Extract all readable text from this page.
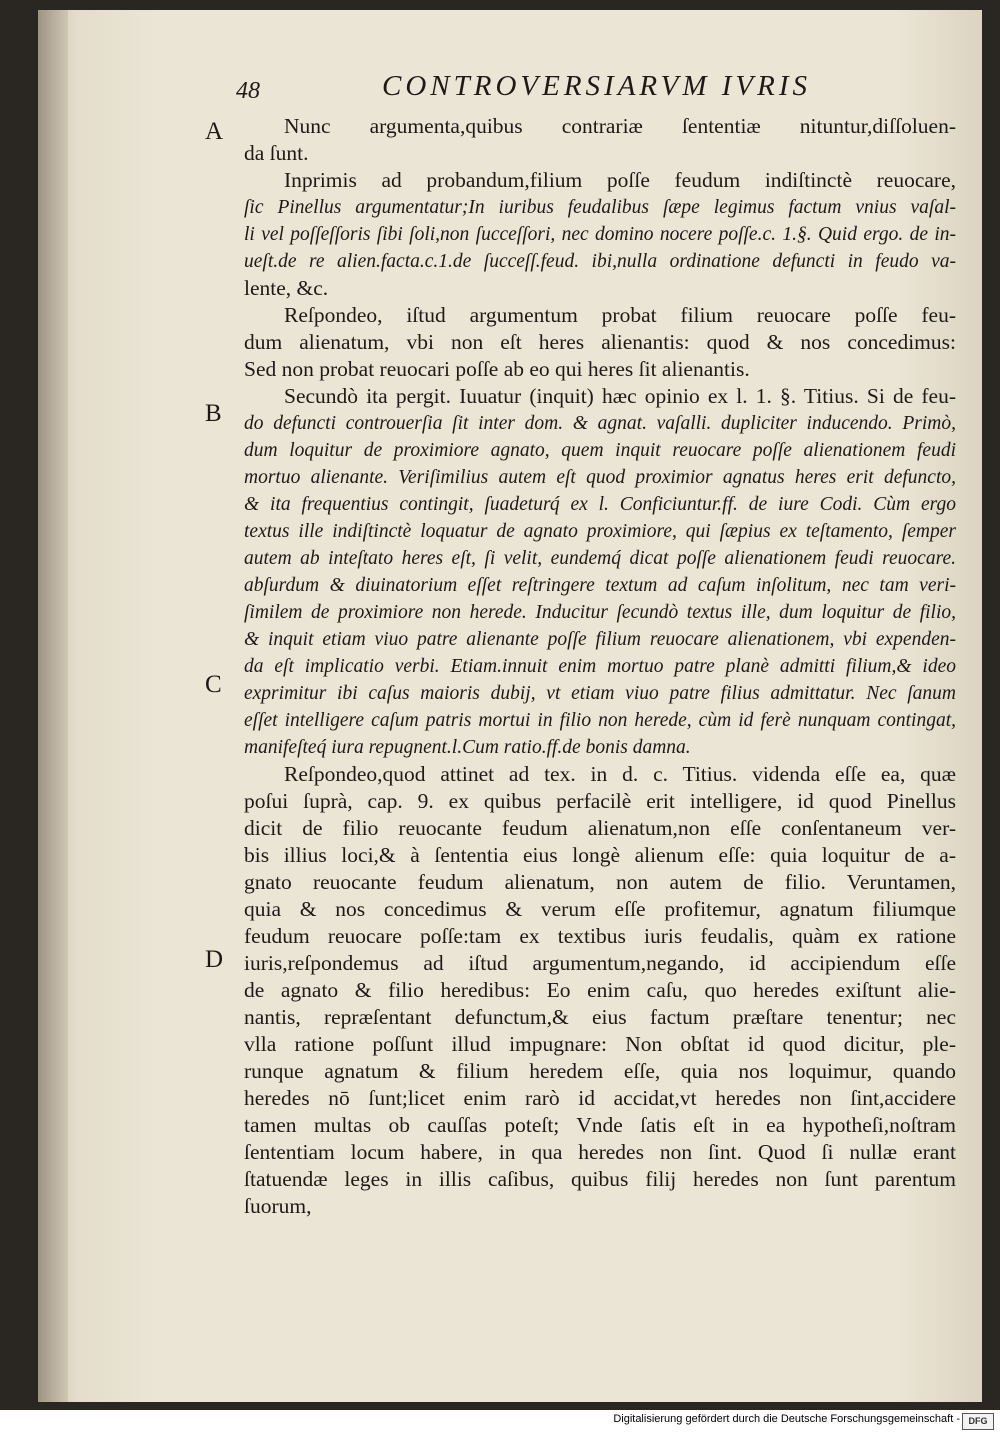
48	CONTROVERSIARVM IVRIS
A
B
C
D
Nunc argumenta,quibus contrariæ ſententiæ nituntur,diſſoluen-
da ſunt.
Inprimis ad probandum,filium poſſe feudum indiſtinctè reuocare,
ſic Pinellus argumentatur;In iuribus feudalibus ſæpe legimus factum vnius vaſal-
li vel poſſeſſoris ſibi ſoli,non ſucceſſori, nec domino nocere poſſe.c. 1.§. Quid ergo. de in-
ueſt.de re alien.facta.c.1.de ſucceſſ.feud. ibi,nulla ordinatione defuncti in feudo va-
lente, &c.
Reſpondeo, iſtud argumentum probat filium reuocare poſſe feu-
dum alienatum, vbi non eſt heres alienantis: quod & nos concedimus:
Sed non probat reuocari poſſe ab eo qui heres ſit alienantis.
Secundò ita pergit. Iuuatur (inquit) hæc opinio ex l. 1. §. Titius. Si de feu-
do defuncti controuerſia ſit inter dom. & agnat. vaſalli. dupliciter inducendo. Primò,
dum loquitur de proximiore agnato, quem inquit reuocare poſſe alienationem feudi
mortuo alienante. Veriſimilius autem eſt quod proximior agnatus heres erit defuncto,
& ita frequentius contingit, ſuadeturq́ ex l. Conficiuntur.ff. de iure Codi. Cùm ergo
textus ille indiſtinctè loquatur de agnato proximiore, qui ſæpius ex teſtamento, ſemper
autem ab inteſtato heres eſt, ſi velit, eundemq́ dicat poſſe alienationem feudi reuocare.
abſurdum & diuinatorium eſſet reſtringere textum ad caſum inſolitum, nec tam veri-
ſimilem de proximiore non herede. Inducitur ſecundò textus ille, dum loquitur de filio,
& inquit etiam viuo patre alienante poſſe filium reuocare alienationem, vbi expenden-
da eſt implicatio verbi. Etiam.innuit enim mortuo patre planè admitti filium,& ideo
exprimitur ibi caſus maioris dubij, vt etiam viuo patre filius admittatur. Nec ſanum
eſſet intelligere caſum patris mortui in filio non herede, cùm id ferè nunquam contingat,
manifeſteq́ iura repugnent.l.Cum ratio.ff.de bonis damna.
Reſpondeo,quod attinet ad tex. in d. c. Titius. videnda eſſe ea, quæ
poſui ſuprà, cap. 9. ex quibus perfacilè erit intelligere, id quod Pinellus
dicit de filio reuocante feudum alienatum,non eſſe conſentaneum ver-
bis illius loci,& à ſententia eius longè alienum eſſe: quia loquitur de a-
gnato reuocante feudum alienatum, non autem de filio. Veruntamen,
quia & nos concedimus & verum eſſe profitemur, agnatum filiumque
feudum reuocare poſſe:tam ex textibus iuris feudalis, quàm ex ratione
iuris,reſpondemus ad iſtud argumentum,negando, id accipiendum eſſe
de agnato & filio heredibus: Eo enim caſu, quo heredes exiſtunt alie-
nantis, repræſentant defunctum,& eius factum præſtare tenentur; nec
vlla ratione poſſunt illud impugnare: Non obſtat id quod dicitur, ple-
runque agnatum & filium heredem eſſe, quia nos loquimur, quando
heredes nō ſunt;licet enim rarò id accidat,vt heredes non ſint,accidere
tamen multas ob cauſſas poteſt; Vnde ſatis eſt in ea hypotheſi,noſtram
ſententiam locum habere, in qua heredes non ſint. Quod ſi nullæ erant
ſtatuendæ leges in illis caſibus, quibus filij heredes non ſunt parentum
ſuorum,
Digitalisierung gefördert durch die Deutsche Forschungsgemeinschaft - DFG
